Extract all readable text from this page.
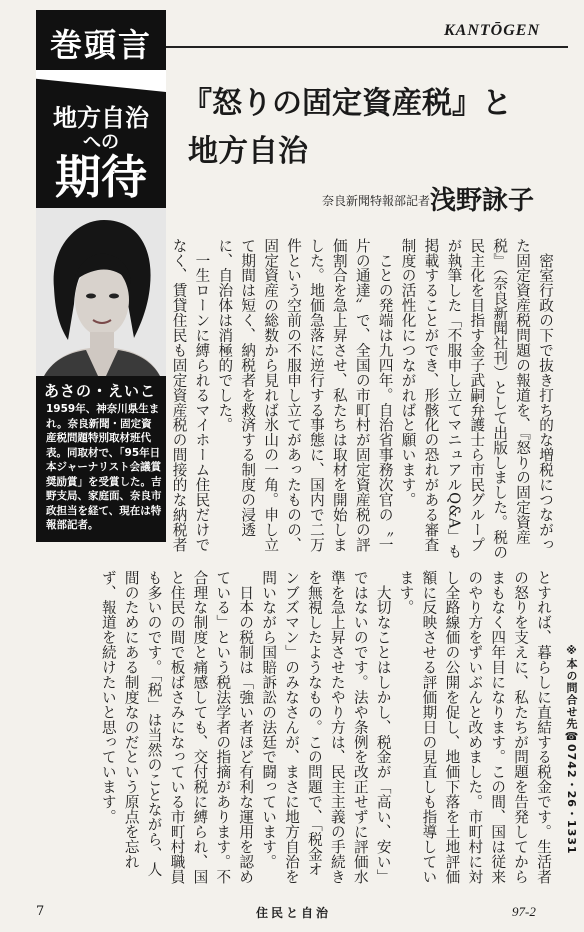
KANTŌGEN
巻頭言
地方自治
への
期待
あさの・えいこ
1959年、神奈川県生まれ。奈良新聞・固定資産税問題特別取材班代表。同取材で、「95年日本ジャーナリスト会議賞奨励賞」を受賞した。吉野支局、家庭面、奈良市政担当を経て、現在は特報部記者。
『怒りの固定資産税』と
地方自治
奈良新聞特報部記者 浅野詠子
　密室行政の下で抜き打ち的な増税につながった固定資産税問題の報道を、『怒りの固定資産税』（奈良新聞社刊）として出版しました。税の民主化を目指す金子武嗣弁護士ら市民グループが執筆した「不服申し立てマニュアルQ&A」も掲載することができ、形骸化の恐れがある審査制度の活性化につながればと願います。
　ことの発端は九四年。自治省事務次官の〝一片の通達〟で、全国の市町村が固定資産税の評価割合を急上昇させ、私たちは取材を開始しました。地価急落に逆行する事態に、国内で二万件という空前の不服申し立てがあったものの、固定資産の総数から見れば氷山の一角。申し立て期間は短く、納税者を救済する制度の浸透に、自治体は消極的でした。
　一生ローンに縛られるマイホーム住民だけでなく、賃貸住民も固定資産税の間接的な納税者
とすれば、暮らしに直結する税金です。生活者の怒りを支えに、私たちが問題を告発してからまもなく四年目になります。この間、国は従来のやり方をずいぶんと改めました。市町村に対し全路線価の公開を促し、地価下落を土地評価額に反映させる評価期日の見直しも指導しています。
　大切なことはしかし、税金が「高い、安い」ではないのです。法や条例を改正せずに評価水準を急上昇させたやり方は、民主主義の手続きを無視したようなもの。この問題で、「税金オンブズマン」のみなさんが、まさに地方自治を問いながら国賠訴訟の法廷で闘っています。
　日本の税制は「強い者ほど有利な運用を認めている」という税法学者の指摘があります。不合理な制度と痛感しても、交付税に縛られ、国と住民の間で板ばさみになっている市町村職員も多いのです。「税」は当然のことながら、人間のためにある制度なのだという原点を忘れず、報道を続けたいと思っています。	※本の問合せ先☎0742・26・1331
7	住民と自治	97-2
